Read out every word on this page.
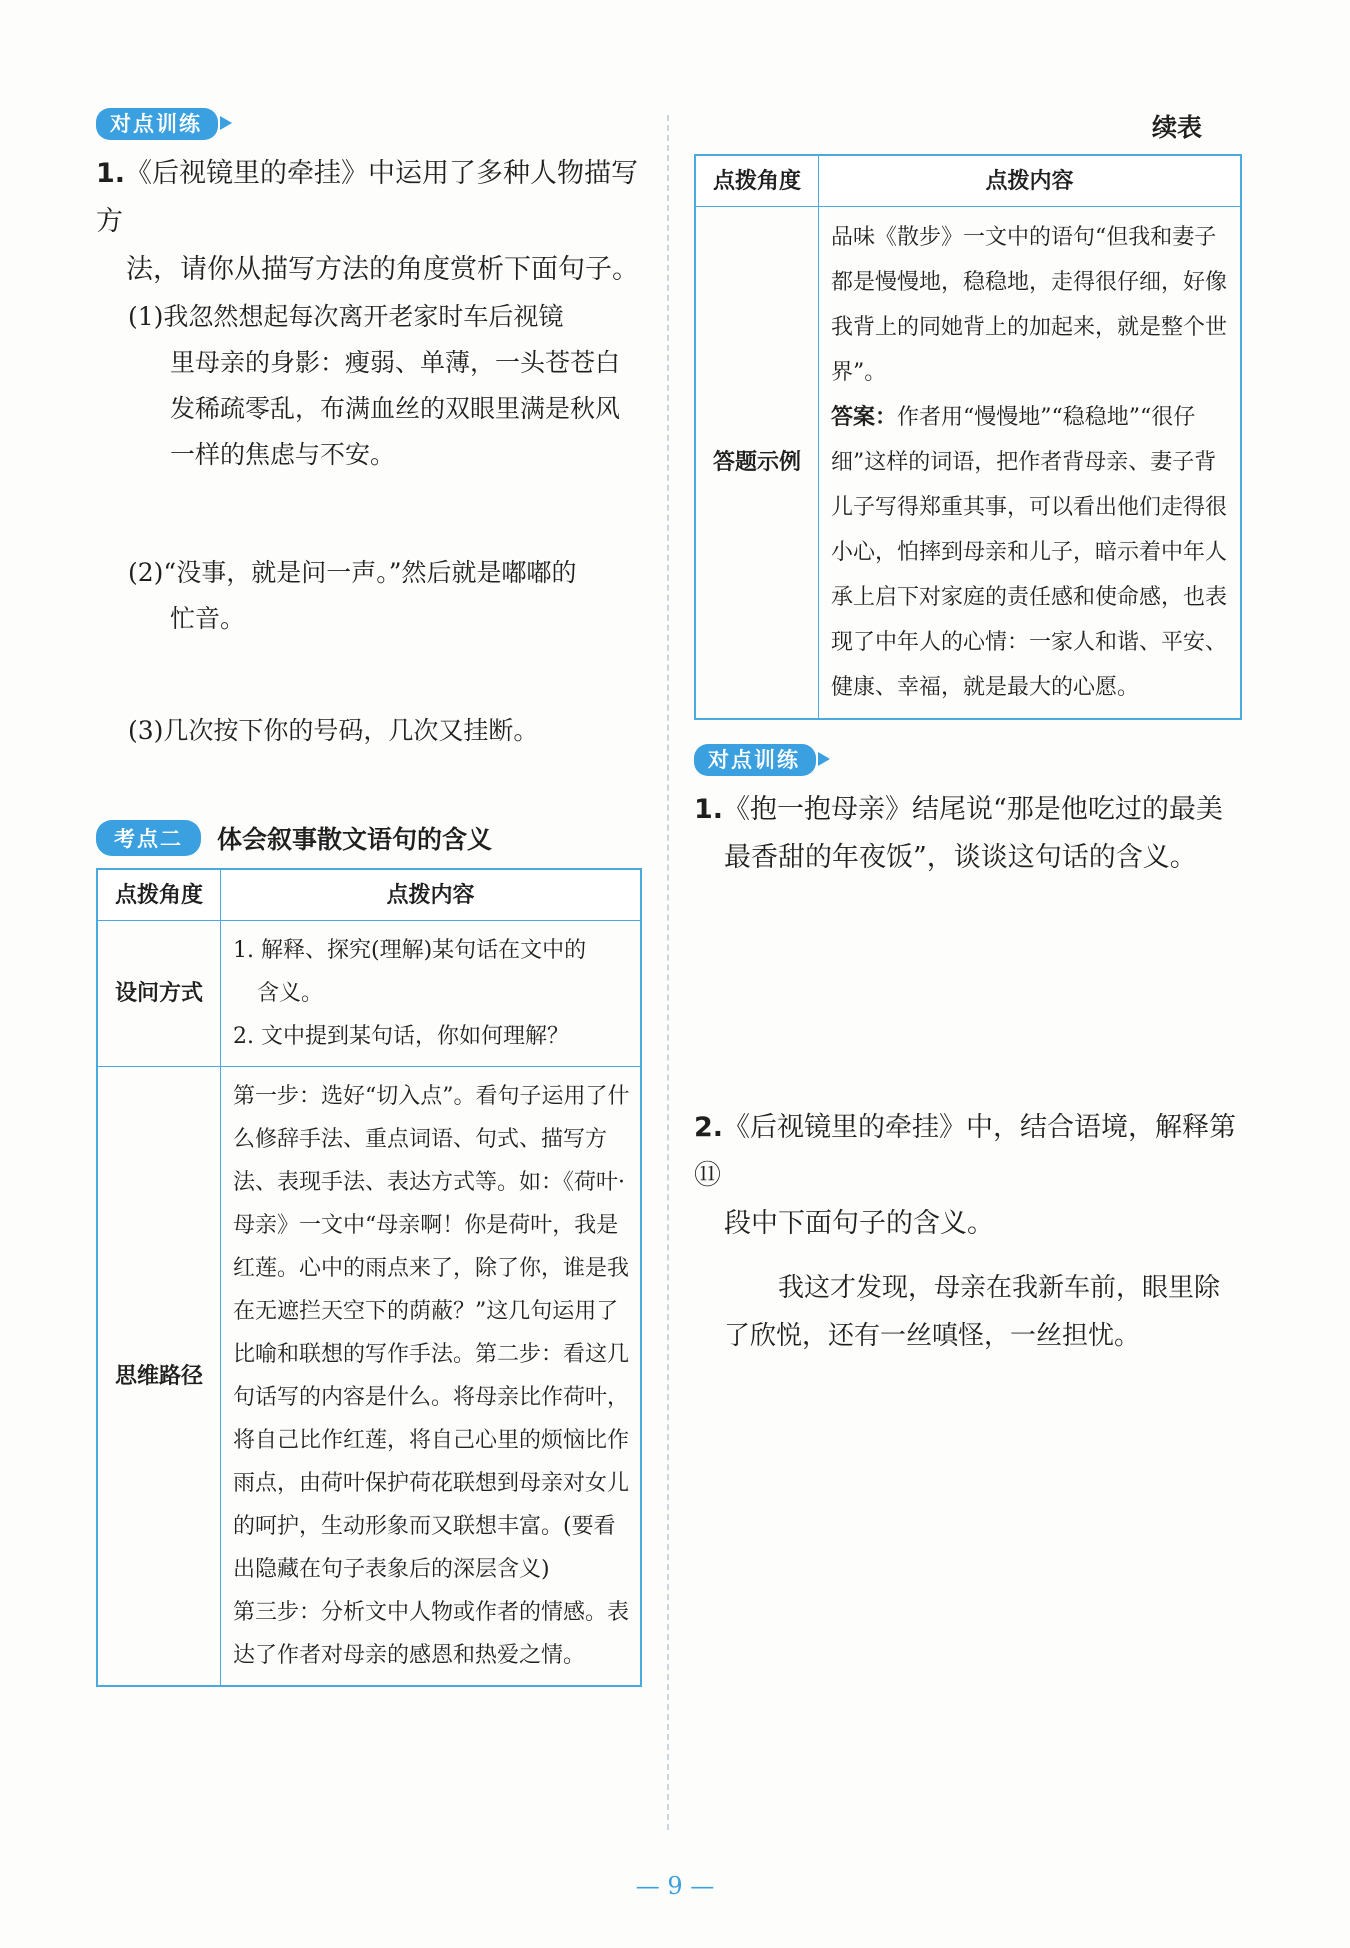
对点训练

1.《后视镜里的牵挂》中运用了多种人物描写方
法，请你从描写方法的角度赏析下面句子。

(1)我忽然想起每次离开老家时车后视镜
里母亲的身影：瘦弱、单薄，一头苍苍白发稀疏零乱，布满血丝的双眼里满是秋风一样的焦虑与不安。

(2)“没事，就是问一声。”然后就是嘟嘟的
忙音。

(3)几次按下你的号码，几次又挂断。

考点二	体会叙事散文语句的含义
点拨角度	点拨内容
设问方式	1. 解释、探究(理解)某句话在文中的
含义。
2. 文中提到某句话，你如何理解？

思维路径	第一步：选好“切入点”。看句子运用了什么修辞手法、重点词语、句式、描写方法、表现手法、表达方式等。如：《荷叶·母亲》一文中“母亲啊！你是荷叶，我是红莲。心中的雨点来了，除了你，谁是我在无遮拦天空下的荫蔽？”这几句运用了比喻和联想的写作手法。第二步：看这几句话写的内容是什么。将母亲比作荷叶，将自己比作红莲，将自己心里的烦恼比作雨点，由荷叶保护荷花联想到母亲对女儿的呵护，生动形象而又联想丰富。(要看出隐藏在句子表象后的深层含义)
第三步：分析文中人物或作者的情感。表达了作者对母亲的感恩和热爱之情。

续表

点拨角度	点拨内容
答题示例	品味《散步》一文中的语句“但我和妻子都是慢慢地，稳稳地，走得很仔细，好像我背上的同她背上的加起来，就是整个世界”。
答案：作者用“慢慢地”“稳稳地”“很仔细”这样的词语，把作者背母亲、妻子背儿子写得郑重其事，可以看出他们走得很小心，怕摔到母亲和儿子，暗示着中年人承上启下对家庭的责任感和使命感，也表现了中年人的心情：一家人和谐、平安、健康、幸福，就是最大的心愿。
对点训练

1.《抱一抱母亲》结尾说“那是他吃过的最美
最香甜的年夜饭”，谈谈这句话的含义。

2.《后视镜里的牵挂》中，结合语境，解释第⑪
段中下面句子的含义。

我这才发现，母亲在我新车前，眼里除了欣悦，还有一丝嗔怪，一丝担忧。

— 9 —
